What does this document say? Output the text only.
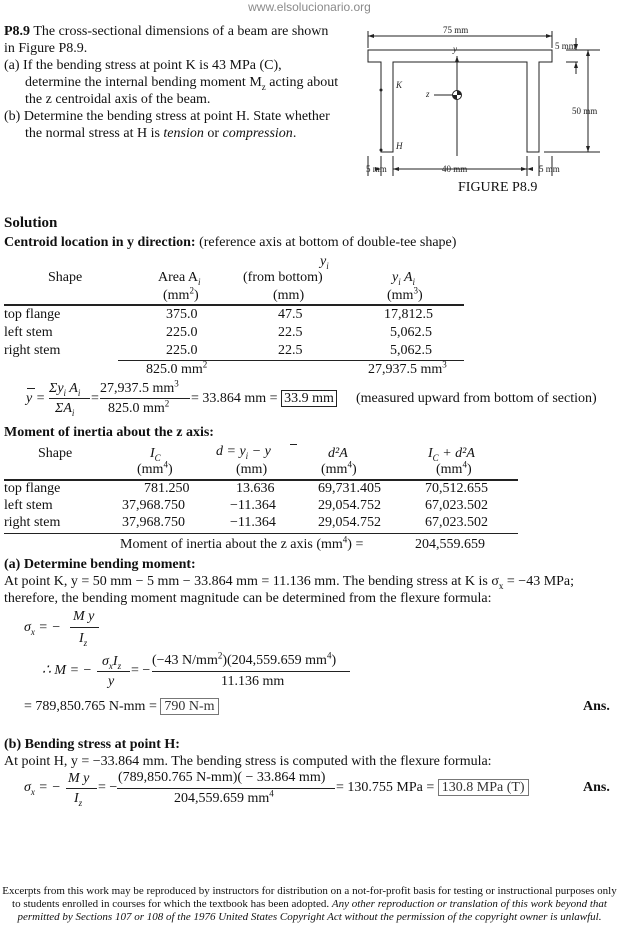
www.elsolucionario.org
P8.9 The cross-sectional dimensions of a beam are shown
in Figure P8.9.
(a) If the bending stress at point K is 43 MPa (C),
determine the internal bending moment $M_z$ acting about
the z centroidal axis of the beam.
(b) Determine the bending stress at point H. State whether
the normal stress at H is tension or compression.
75 mm
5 mm
50 mm
5 mm	40 mm	5 mm
y
z
K
H
FIGURE P8.9
Solution
Centroid location in y direction: (reference axis at bottom of double-tee shape)
$y_i$
Shape	Area $A_i$	(from bottom)	$y_i$ $A_i$
$(mm^2)$	(mm)	$(mm^3)$
top flange	375.0	47.5	17,812.5
left stem	225.0	22.5	5,062.5
right stem	225.0	22.5	5,062.5
825.0 $mm^2$	27,937.5 $mm^3$
$\Sigma y_i$ $A_i$
y =	=
$\Sigma A_i$
27,937.5 $mm^3$
825.0 $mm^2 = 33.864$ mm = 33.9 mm (measured upward from bottom of section)
Moment of inertia about the z axis:
Shape	$I_C$	$d = y_i - y$	d²A	$I_C + d^2A$
$(mm^4)$	(mm)	$(mm^4)$	$(mm^4)$
top flange	781.250	13.636	69,731.405	70,512.655
left stem	37,968.750	−11.364	29,054.752	67,023.502
right stem	37,968.750	−11.364	29,054.752	67,023.502
Moment of inertia about the z axis $(mm^4)$ =	204,559.659
(a) Determine bending moment:
At point K, y = 50 mm − 5 mm − 33.864 mm = 11.136 mm. The bending stress at K is $\sigma_x = -43$ MPa;
therefore, the bending moment magnitude can be determined from the flexure formula:
M y
$\sigma_x$ = −
$I_z$
$\sigma_xI_z$
∴ M = −	= −
y
(−43 $N/mm^2)(204,559.659$ $mm^4$)
11.136 mm
= 789,850.765 N-mm = 790 N-m	Ans.
(b) Bending stress at point H:
At point H, y = −33.864 mm. The bending stress is computed with the flexure formula:
M y
$\sigma_x$ = −	= −
$I_z$
(789,850.765 N-mm)( − 33.864 mm)
204,559.659 $mm^4$	= 130.755 MPa = 130.8 MPa (T)	Ans.
Excerpts from this work may be reproduced by instructors for distribution on a not-for-profit basis for testing or instructional purposes only
to students enrolled in courses for which the textbook has been adopted. Any other reproduction or translation of this work beyond that
permitted by Sections 107 or 108 of the 1976 United States Copyright Act without the permission of the copyright owner is unlawful.
